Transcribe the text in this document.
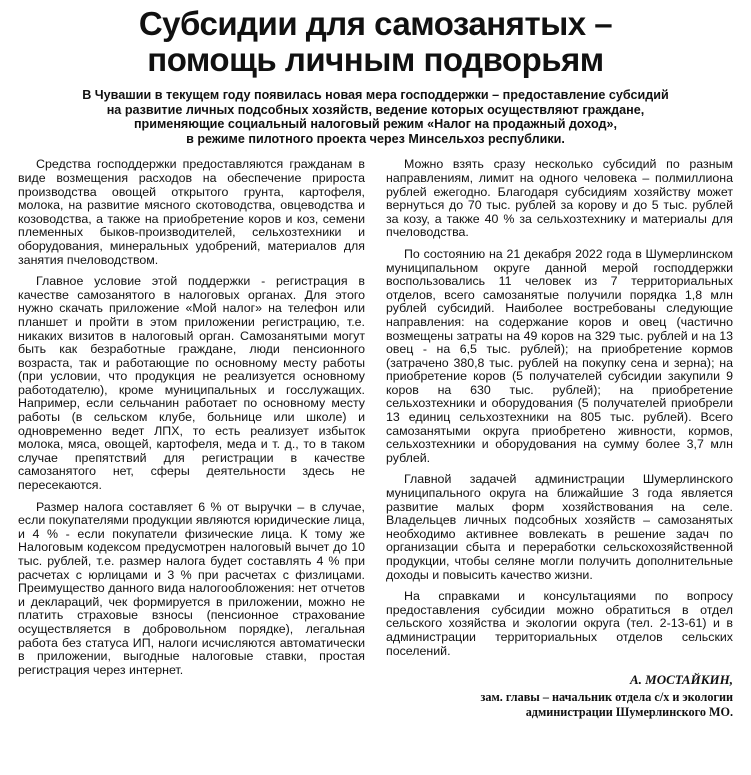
Субсидии для самозанятых –
помощь личным подворьям
В Чувашии в текущем году появилась новая мера господдержки – предоставление субсидий
на развитие личных подсобных хозяйств, ведение которых осуществляют граждане,
применяющие социальный налоговый режим «Налог на продажный доход»,
в режиме пилотного проекта через Минсельхоз республики.

Средства господдержки предоставляются гражданам в виде возмещения расходов на обеспечение прироста производства овощей открытого грунта, картофеля, молока, на развитие мясного скотоводства, овцеводства и козоводства, а также на приобретение коров и коз, семени племенных быков-производителей, сельхозтехники и оборудования, минеральных удобрений, материалов для занятия пчеловодством.

Главное условие этой поддержки - регистрация в качестве самозанятого в налоговых органах. Для этого нужно скачать приложение «Мой налог» на телефон или планшет и пройти в этом приложении регистрацию, т.е. никаких визитов в налоговый орган. Самозанятыми могут быть как безработные граждане, люди пенсионного возраста, так и работающие по основному месту работы (при условии, что продукция не реализуется основному работодателю), кроме муниципальных и госслужащих. Например, если сельчанин работает по основному месту работы (в сельском клубе, больнице или школе) и одновременно ведет ЛПХ, то есть реализует избыток молока, мяса, овощей, картофеля, меда и т. д., то в таком случае препятствий для регистрации в качестве самозанятого нет, сферы деятельности здесь не пересекаются.

Размер налога составляет 6 % от выручки – в случае, если покупателями продукции являются юридические лица, и 4 % - если покупатели физические лица. К тому же Налоговым кодексом предусмотрен налоговый вычет до 10 тыс. рублей, т.е. размер налога будет составлять 4 % при расчетах с юрлицами и 3 % при расчетах с физлицами. Преимущество данного вида налогообложения: нет отчетов и деклараций, чек формируется в приложении, можно не платить страховые взносы (пенсионное страхование осуществляется в добровольном порядке), легальная работа без статуса ИП, налоги исчисляются автоматически в приложении, выгодные налоговые ставки, простая регистрация через интернет.

Можно взять сразу несколько субсидий по разным направлениям, лимит на одного человека – полмиллиона рублей ежегодно. Благодаря субсидиям хозяйству может вернуться до 70 тыс. рублей за корову и до 5 тыс. рублей за козу, а также 40 % за сельхозтехнику и материалы для пчеловодства.

По состоянию на 21 декабря 2022 года в Шумерлинском муниципальном округе данной мерой господдержки воспользовались 11 человек из 7 территориальных отделов, всего самозанятые получили порядка 1,8 млн рублей субсидий. Наиболее востребованы следующие направления: на содержание коров и овец (частично возмещены затраты на 49 коров на 329 тыс. рублей и на 13 овец - на 6,5 тыс. рублей); на приобретение кормов (затрачено 380,8 тыс. рублей на покупку сена и зерна); на приобретение коров (5 получателей субсидии закупили 9 коров на 630 тыс. рублей); на приобретение сельхозтехники и оборудования (5 получателей приобрели 13 единиц сельхозтехники на 805 тыс. рублей). Всего самозанятыми округа приобретено живности, кормов, сельхозтехники и оборудования на сумму более 3,7 млн рублей.

Главной задачей администрации Шумерлинского муниципального округа на ближайшие 3 года является развитие малых форм хозяйствования на селе. Владельцев личных подсобных хозяйств – самозанятых необходимо активнее вовлекать в решение задач по организации сбыта и переработки сельскохозяйственной продукции, чтобы селяне могли получить дополнительные доходы и повысить качество жизни.

На справками и консультациями по вопросу предоставления субсидии можно обратиться в отдел сельского хозяйства и экологии округа (тел. 2-13-61) и в администрации территориальных отделов сельских поселений.

А. МОСТАЙКИН,
зам. главы – начальник отдела с/х и экологии
администрации Шумерлинского МО.
